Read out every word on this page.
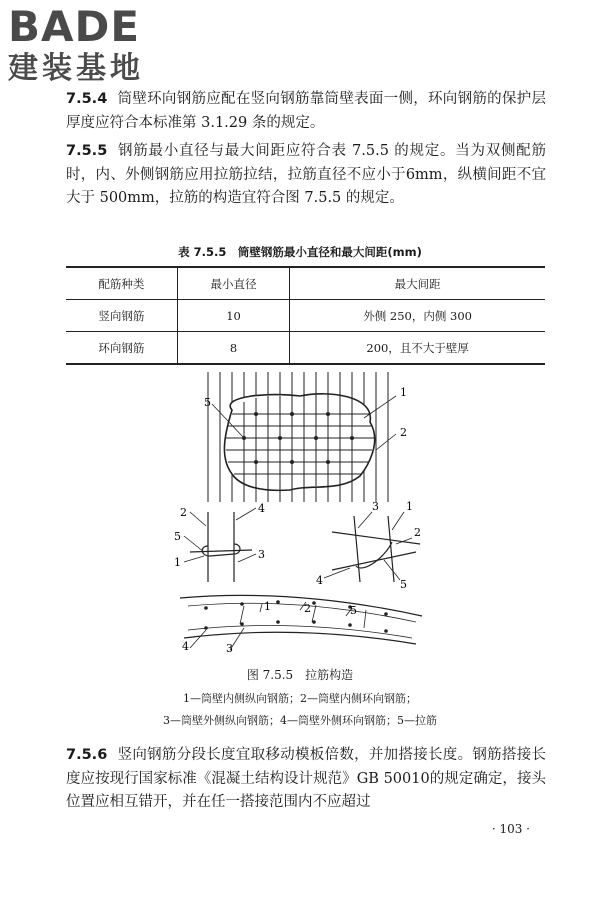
BADE
建装基地
7.5.4 筒壁环向钢筋应配在竖向钢筋靠筒壁表面一侧，环向钢筋的保护层厚度应符合本标准第 3.1.29 条的规定。
7.5.5 钢筋最小直径与最大间距应符合表 7.5.5 的规定。当为双侧配筋时，内、外侧钢筋应用拉筋拉结，拉筋直径不应小于6mm，纵横间距不宜大于 500mm，拉筋的构造宜符合图 7.5.5 的规定。
表 7.5.5　筒壁钢筋最小直径和最大间距(mm)
配筋种类	最小直径	最大间距
竖向钢筋	10	外侧 250，内侧 300
环向钢筋	8	200，且不大于壁厚
5
1
2
2
5
1
4
3
3 1
2
4	5
1	2	5
4	3
图 7.5.5　拉筋构造
1—筒壁内侧纵向钢筋；2—筒壁内侧环向钢筋；
3—筒壁外侧纵向钢筋；4—筒壁外侧环向钢筋；5—拉筋
7.5.6 竖向钢筋分段长度宜取移动模板倍数，并加搭接长度。钢筋搭接长度应按现行国家标准《混凝土结构设计规范》GB 50010的规定确定，接头位置应相互错开，并在任一搭接范围内不应超过
· 103 ·
